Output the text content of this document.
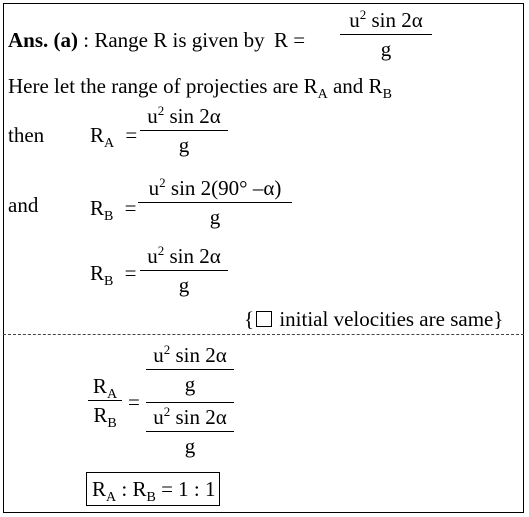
Ans. (a) : Range R is given by R =
$u^2$ sin 2α
g
Here let the range of projecties are $R_A$ and $R_B$
then $R_A$ =
$u^2$ sin 2α
g
and $R_B$ =
$u^2$ sin 2(90° –α)
g
$R_B$ =
$u^2$ sin 2α
g
{ initial velocities are same}
$R_A$
$R_B$
=
$u^2$ sin 2α
g
$u^2$ sin 2α
g
$R_A$ : $R_B = 1$ : 1
